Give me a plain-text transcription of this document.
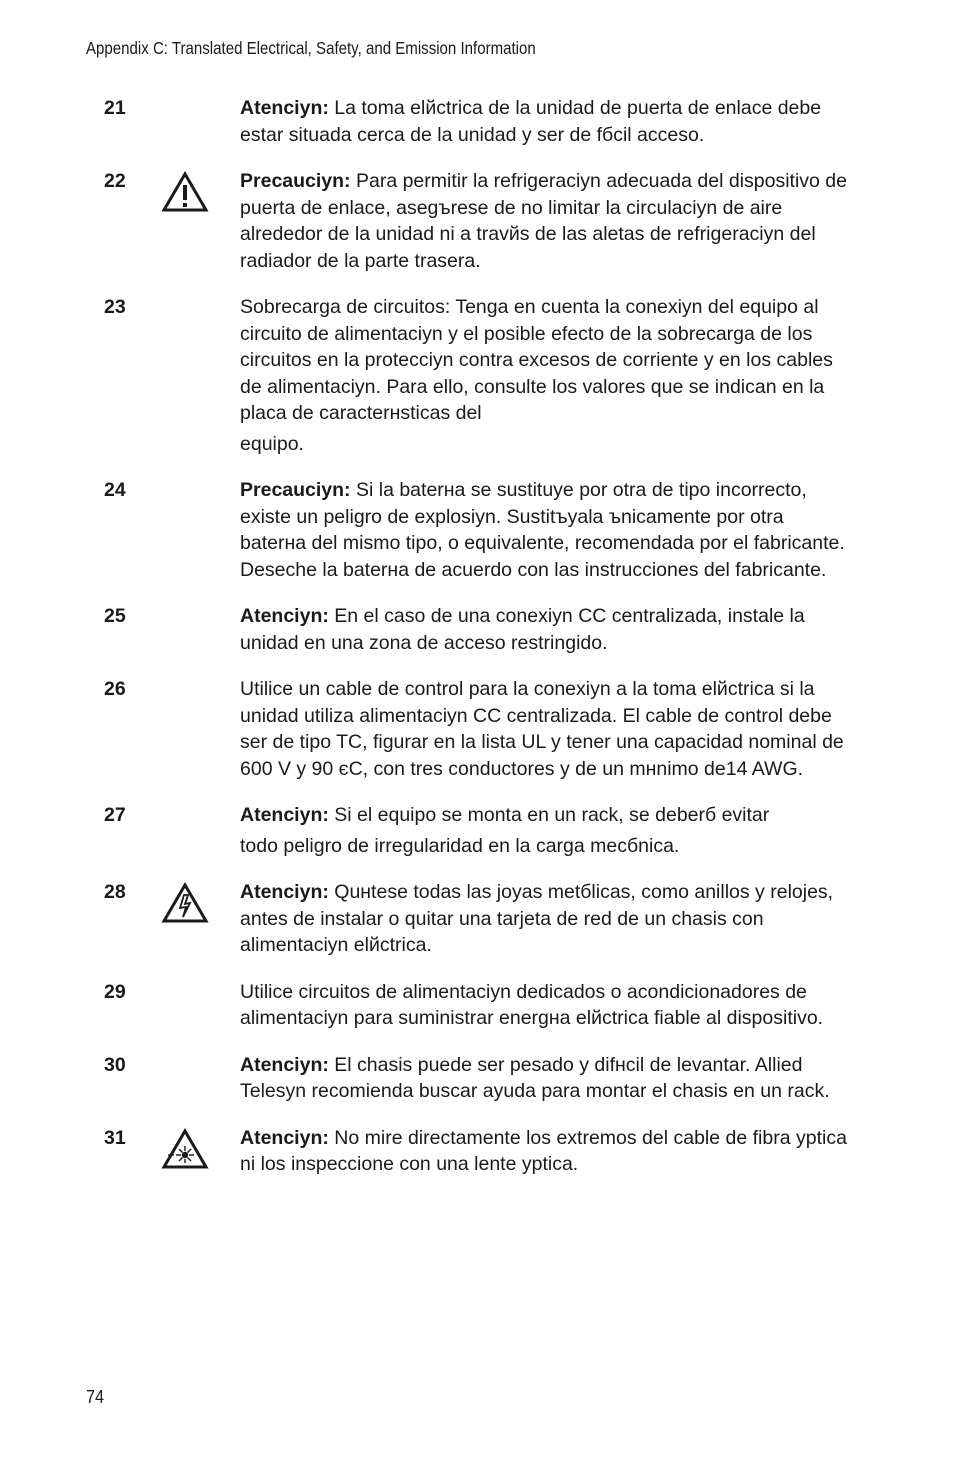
Appendix C: Translated Electrical, Safety, and Emission Information
21	Atenciyn: La toma elйctrica de la unidad de puerta de enlace debe estar situada cerca de la unidad y ser de fбcil acceso.
22	Precauciyn: Para permitir la refrigeraciyn adecuada del dispositivo de puerta de enlace, asegъrese de no limitar la circulaciyn de aire alrededor de la unidad ni a travйs de las aletas de refrigeraciyn del radiador de la parte trasera.
23	Sobrecarga de circuitos: Tenga en cuenta la conexiyn del equipo al circuito de alimentaciyn y el posible efecto de la sobrecarga de los circuitos en la protecciyn contra excesos de corriente y en los cables de alimentaciyn. Para ello, consulte los valores que se indican en la placa de caracterнsticas del
equipo.
24	Precauciyn: Si la baterнa se sustituye por otra de tipo incorrecto, existe un peligro de explosiyn. Sustitъyala ъnicamente por otra baterнa del mismo tipo, o equivalente, recomendada por el fabricante. Deseche la baterнa de acuerdo con las instrucciones del fabricante.
25	Atenciyn: En el caso de una conexiyn CC centralizada, instale la unidad en una zona de acceso restringido.
26	Utilice un cable de control para la conexiyn a la toma elйctrica si la unidad utiliza alimentaciyn CC centralizada. El cable de control debe ser de tipo TC, figurar en la lista UL y tener una capacidad nominal de 600 V y 90 єC, con tres conductores y de un mнnimo de14 AWG.
27	Atenciyn: Si el equipo se monta en un rack, se deberб evitar
todo peligro de irregularidad en la carga mecбnica.
28	Atenciyn: Quнtese todas las joyas metбlicas, como anillos y relojes, antes de instalar o quitar una tarjeta de red de un chasis con alimentaciyn elйctrica.
29	Utilice circuitos de alimentaciyn dedicados o acondicionadores de alimentaciyn para suministrar energнa elйctrica fiable al dispositivo.
30	Atenciyn: El chasis puede ser pesado y difнcil de levantar. Allied Telesyn recomienda buscar ayuda para montar el chasis en un rack.
31	Atenciyn: No mire directamente los extremos del cable de fibra yptica ni los inspeccione con una lente yptica.
74
